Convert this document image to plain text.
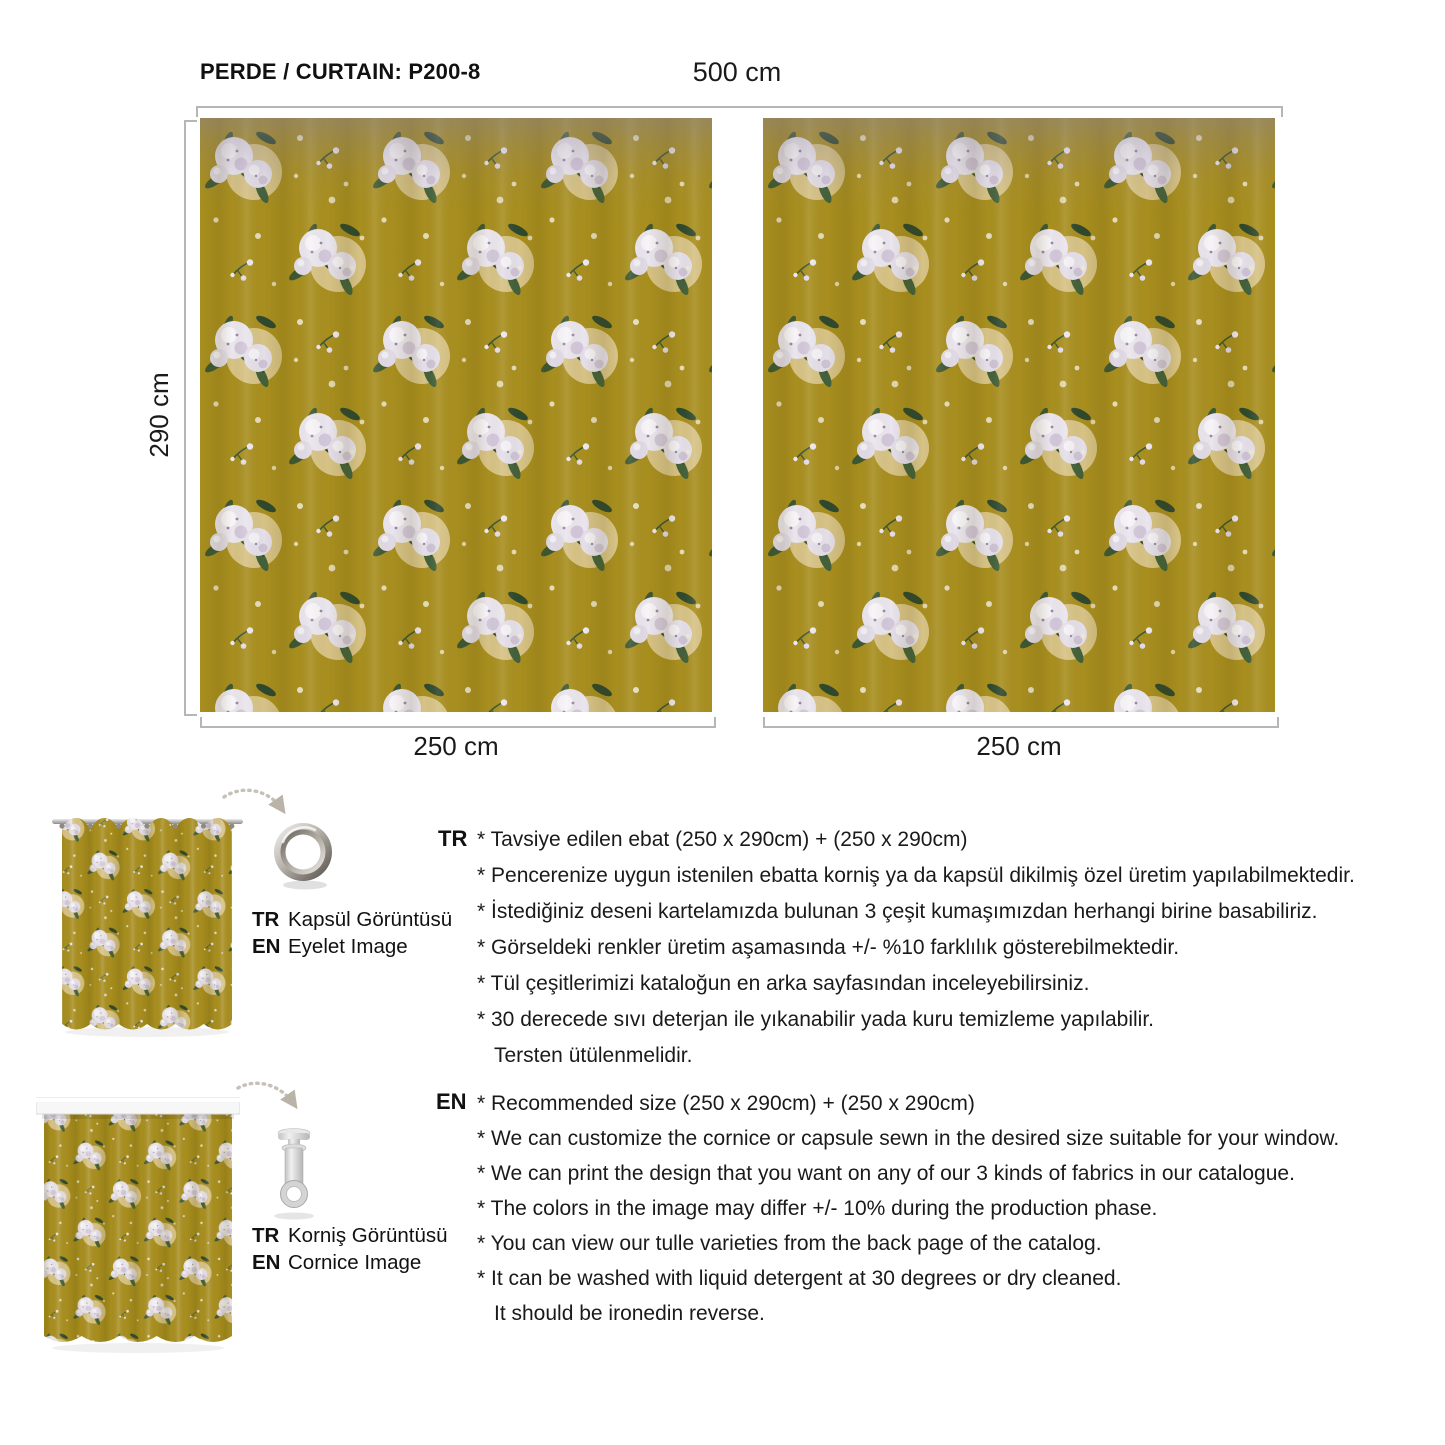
PERDE / CURTAIN: P200-8	500 cm
290 cm
250 cm	250 cm
TR Kapsül Görüntüsü
EN Eyelet Image
TR * Tavsiye edilen ebat (250 x 290cm) + (250 x 290cm)
* Pencerenize uygun istenilen ebatta korniş ya da kapsül dikilmiş özel üretim yapılabilmektedir.
* İstediğiniz deseni kartelamızda bulunan 3 çeşit kumaşımızdan herhangi birine basabiliriz.
* Görseldeki renkler üretim aşamasında +/- %10 farklılık gösterebilmektedir.
* Tül çeşitlerimizi kataloğun en arka sayfasından inceleyebilirsiniz.
* 30 derecede sıvı deterjan ile yıkanabilir yada kuru temizleme yapılabilir.
Tersten ütülenmelidir.
TR Korniş Görüntüsü
EN Cornice Image
EN * Recommended size (250 x 290cm) + (250 x 290cm)
* We can customize the cornice or capsule sewn in the desired size suitable for your window.
* We can print the design that you want on any of our 3 kinds of fabrics in our catalogue.
* The colors in the image may differ +/- 10% during the production phase.
* You can view our tulle varieties from the back page of the catalog.
* It can be washed with liquid detergent at 30 degrees or dry cleaned.
It should be ironedin reverse.
